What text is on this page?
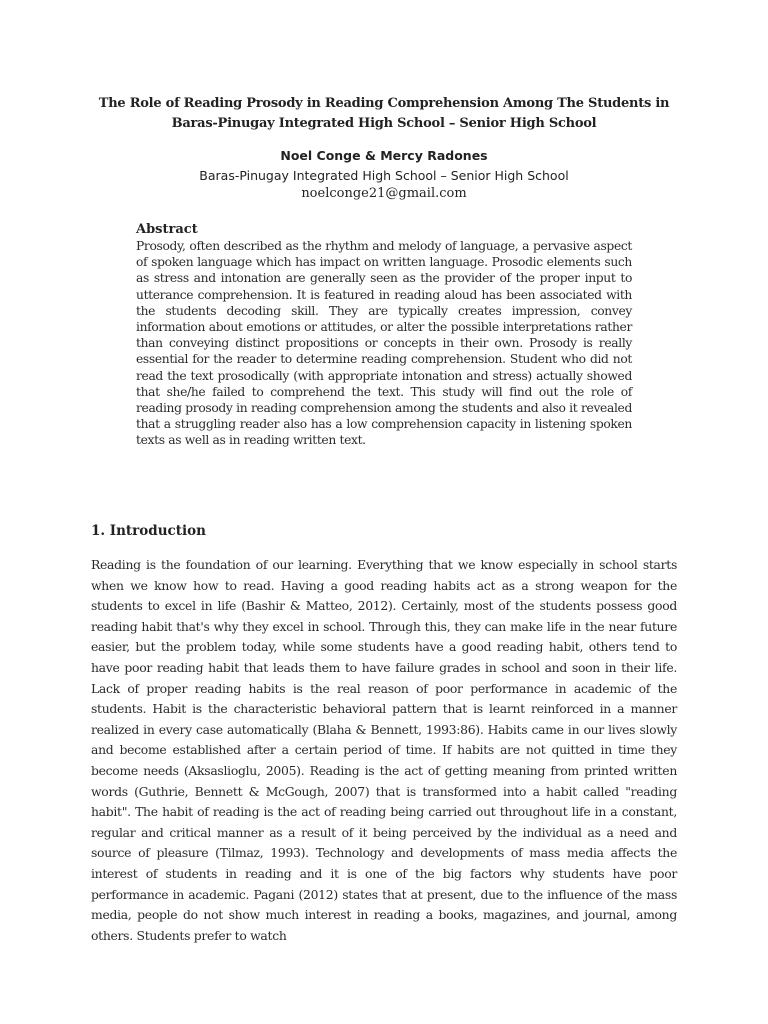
The Role of Reading Prosody in Reading Comprehension Among The Students in Baras-Pinugay Integrated High School – Senior High School
Noel Conge & Mercy Radones
Baras-Pinugay Integrated High School – Senior High School
noelconge21@gmail.com
Abstract
Prosody, often described as the rhythm and melody of language, a pervasive aspect of spoken language which has impact on written language. Prosodic elements such as stress and intonation are generally seen as the provider of the proper input to utterance comprehension. It is featured in reading aloud has been associated with the students decoding skill. They are typically creates impression, convey information about emotions or attitudes, or alter the possible interpretations rather than conveying distinct propositions or concepts in their own. Prosody is really essential for the reader to determine reading comprehension. Student who did not read the text prosodically (with appropriate intonation and stress) actually showed that she/he failed to comprehend the text. This study will find out the role of reading prosody in reading comprehension among the students and also it revealed that a struggling reader also has a low comprehension capacity in listening spoken texts as well as in reading written text.
1. Introduction
Reading is the foundation of our learning. Everything that we know especially in school starts when we know how to read. Having a good reading habits act as a strong weapon for the students to excel in life (Bashir & Matteo, 2012). Certainly, most of the students possess good reading habit that's why they excel in school. Through this, they can make life in the near future easier, but the problem today, while some students have a good reading habit, others tend to have poor reading habit that leads them to have failure grades in school and soon in their life. Lack of proper reading habits is the real reason of poor performance in academic of the students. Habit is the characteristic behavioral pattern that is learnt reinforced in a manner realized in every case automatically (Blaha & Bennett, 1993:86). Habits came in our lives slowly and become established after a certain period of time. If habits are not quitted in time they become needs (Aksaslioglu, 2005). Reading is the act of getting meaning from printed written words (Guthrie, Bennett & McGough, 2007) that is transformed into a habit called "reading habit". The habit of reading is the act of reading being carried out throughout life in a constant, regular and critical manner as a result of it being perceived by the individual as a need and source of pleasure (Tilmaz, 1993). Technology and developments of mass media affects the interest of students in reading and it is one of the big factors why students have poor performance in academic. Pagani (2012) states that at present, due to the influence of the mass media, people do not show much interest in reading a books, magazines, and journal, among others. Students prefer to watch
